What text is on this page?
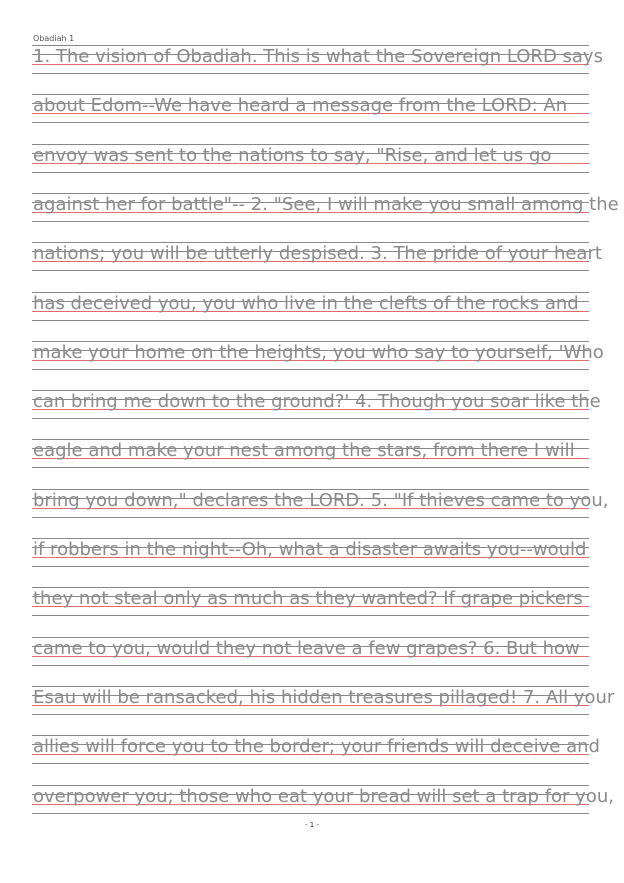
Obadiah 1
1. The vision of Obadiah. This is what the Sovereign LORD says
about Edom--We have heard a message from the LORD: An
envoy was sent to the nations to say, "Rise, and let us go
against her for battle"-- 2. "See, I will make you small among the
nations; you will be utterly despised. 3. The pride of your heart
has deceived you, you who live in the clefts of the rocks and
make your home on the heights, you who say to yourself, 'Who
can bring me down to the ground?' 4. Though you soar like the
eagle and make your nest among the stars, from there I will
bring you down," declares the LORD. 5. "If thieves came to you,
if robbers in the night--Oh, what a disaster awaits you--would
they not steal only as much as they wanted? If grape pickers
came to you, would they not leave a few grapes? 6. But how
Esau will be ransacked, his hidden treasures pillaged! 7. All your
allies will force you to the border; your friends will deceive and
overpower you; those who eat your bread will set a trap for you,
- 1 -
